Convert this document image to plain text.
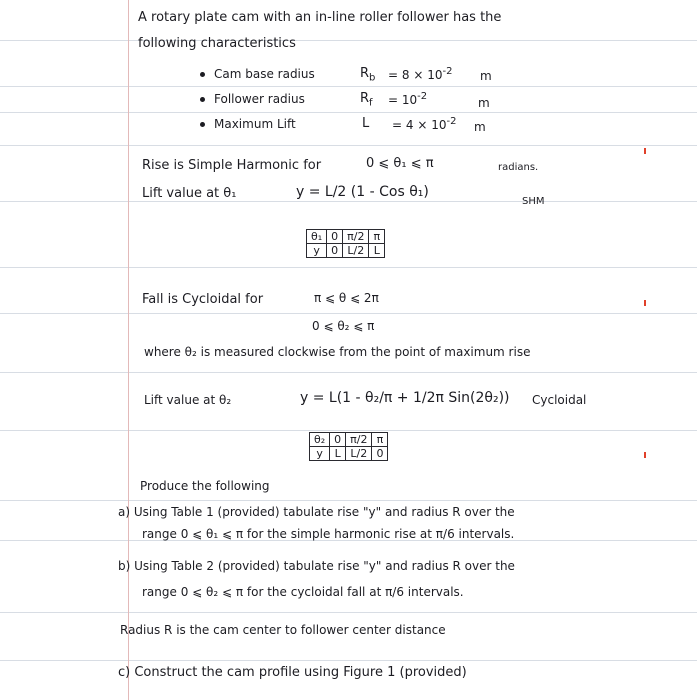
A rotary plate cam with an in-line roller follower has the
following characteristics
Cam base radius	$R_b = 8 \times 10^{-2}$ m
Follower radius	$R_f = 10^{-2}$	m
Maximum Lift	$L = 4 \times 10^{-2}$ m
Rise is Simple Harmonic for	0 ⩽ θ₁ ⩽ π	radians.
Lift value at θ₁	y = L/2 (1 - Cos θ₁)
SHM
θ₁	0	π/2	π
y	0	L/2	L
Fall is Cycloidal for	π ⩽ θ ⩽ 2π
0 ⩽ θ₂ ⩽ π
where θ₂ is measured clockwise from the point of maximum rise
Lift value at θ₂	y = L(1 - θ₂/π + 1/2π Sin(2θ₂)) Cycloidal
θ₂	0	π/2	π
y	L	L/2	0
Produce the following
a) Using Table 1 (provided) tabulate rise "y" and radius R over the
range 0 ⩽ θ₁ ⩽ π for the simple harmonic rise at π/6 intervals.
b) Using Table 2 (provided) tabulate rise "y" and radius R over the
range 0 ⩽ θ₂ ⩽ π for the cycloidal fall at π/6 intervals.
Radius R is the cam center to follower center distance
c) Construct the cam profile using Figure 1 (provided)
